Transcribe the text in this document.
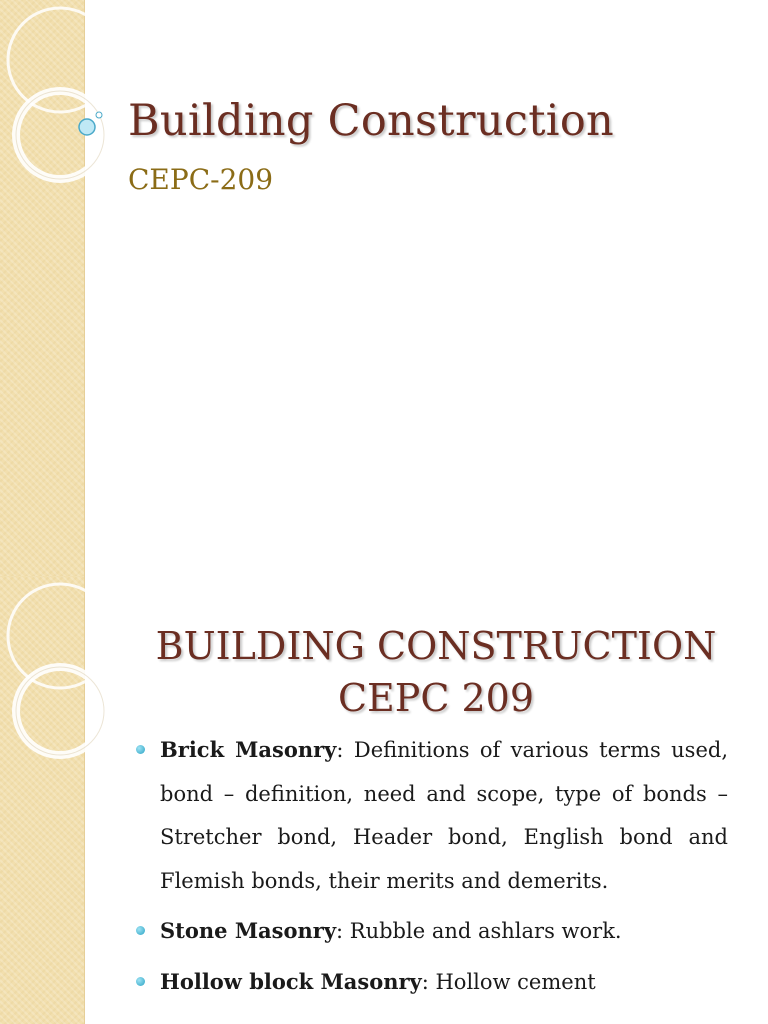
Building Construction

CEPC-209

BUILDING CONSTRUCTION
CEPC 209
Brick Masonry: Definitions of various terms used, bond – definition, need and scope, type of bonds – Stretcher bond, Header bond, English bond and Flemish bonds, their merits and demerits.
Stone Masonry: Rubble and ashlars work.
Hollow block Masonry: Hollow cement
